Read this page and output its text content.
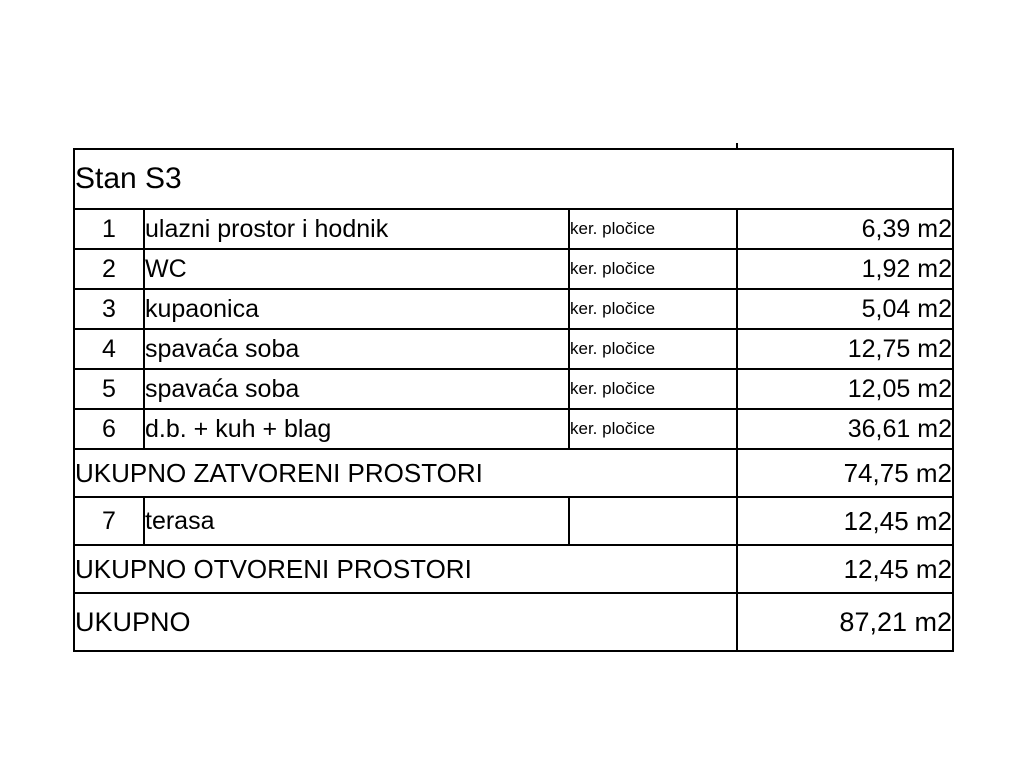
Stan S3			
1	ulazni prostor i hodnik	ker. pločice	6,39 m2
2	WC	ker. pločice	1,92 m2
3	kupaonica	ker. pločice	5,04 m2
4	spavaća soba	ker. pločice	12,75 m2
5	spavaća soba	ker. pločice	12,05 m2
6	d.b. + kuh + blag	ker. pločice	36,61 m2
UKUPNO ZATVORENI PROSTORI			74,75 m2
7	terasa		12,45 m2
UKUPNO OTVORENI PROSTORI			12,45 m2
UKUPNO			87,21 m2
